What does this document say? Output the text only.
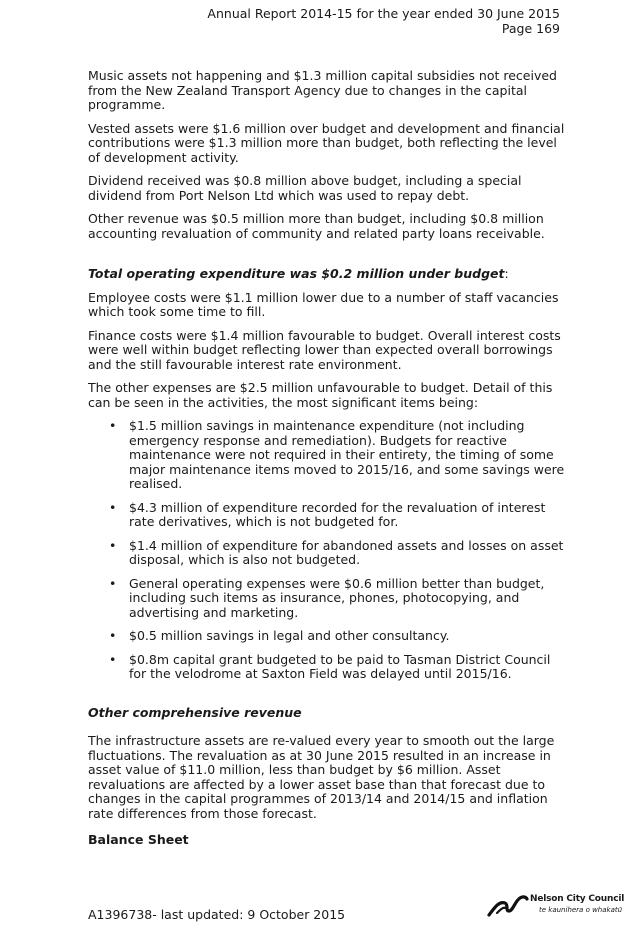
Annual Report 2014-15 for the year ended 30 June 2015
Page 169

Music assets not happening and $1.3 million capital subsidies not received from the New Zealand Transport Agency due to changes in the capital programme.

Vested assets were $1.6 million over budget and development and financial contributions were $1.3 million more than budget, both reflecting the level of development activity.

Dividend received was $0.8 million above budget, including a special dividend from Port Nelson Ltd which was used to repay debt.

Other revenue was $0.5 million more than budget, including $0.8 million accounting revaluation of community and related party loans receivable.

Total operating expenditure was $0.2 million under budget:

Employee costs were $1.1 million lower due to a number of staff vacancies which took some time to fill.

Finance costs were $1.4 million favourable to budget. Overall interest costs were well within budget reflecting lower than expected overall borrowings and the still favourable interest rate environment.

The other expenses are $2.5 million unfavourable to budget. Detail of this can be seen in the activities, the most significant items being:

• $1.5 million savings in maintenance expenditure (not including emergency response and remediation). Budgets for reactive maintenance were not required in their entirety, the timing of some major maintenance items moved to 2015/16, and some savings were realised.
• $4.3 million of expenditure recorded for the revaluation of interest rate derivatives, which is not budgeted for.
• $1.4 million of expenditure for abandoned assets and losses on asset disposal, which is also not budgeted.
• General operating expenses were $0.6 million better than budget, including such items as insurance, phones, photocopying, and advertising and marketing.
• $0.5 million savings in legal and other consultancy.
• $0.8m capital grant budgeted to be paid to Tasman District Council for the velodrome at Saxton Field was delayed until 2015/16.

Other comprehensive revenue

The infrastructure assets are re-valued every year to smooth out the large fluctuations. The revaluation as at 30 June 2015 resulted in an increase in asset value of $11.0 million, less than budget by $6 million. Asset revaluations are affected by a lower asset base than that forecast due to changes in the capital programmes of 2013/14 and 2014/15 and inflation rate differences from those forecast.

Balance Sheet

A1396738- last updated: 9 October 2015
Nelson City Council
te kaunihera o whakatū
